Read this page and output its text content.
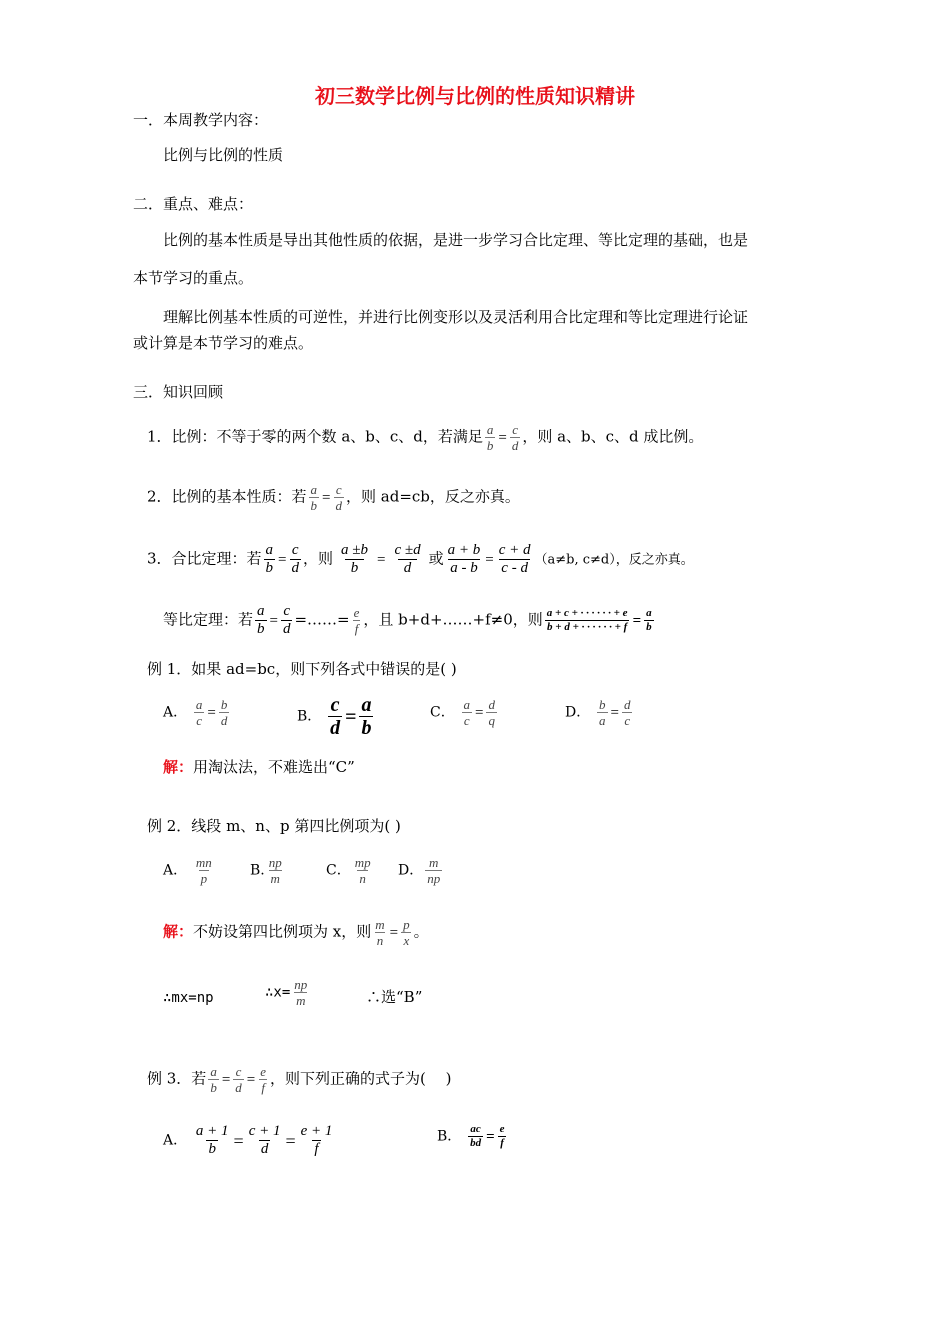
初三数学比例与比例的性质知识精讲
一．本周教学内容：
比例与比例的性质
二．重点、难点：
比例的基本性质是导出其他性质的依据，是进一步学习合比定理、等比定理的基础，也是
本节学习的重点。
理解比例基本性质的可逆性，并进行比例变形以及灵活利用合比定理和等比定理进行论证
或计算是本节学习的难点。
三．知识回顾
1．比例：不等于零的两个数 a、b、c、d，若满足 $\frac{a}{b} = \frac{c}{d}$ ，则 a、b、c、d 成比例。
2．比例的基本性质：若 $\frac{a}{b} = \frac{c}{d}$ ，则 ad=cb，反之亦真。
3．合比定理：若 $\frac{a}{b} = \frac{c}{d}$ ，则 $\frac{a \pm b}{b} = \frac{c \pm d}{d}$ 或 $\frac{a + b}{a - b} = \frac{c + d}{c - d} (a\ne b$, c≠d），反之亦真。
等比定理：若 $\frac{a}{b} = \frac{c}{d}$ =……= $\frac{e}{f}$ ，且 b+d+……+f≠0，则 $\frac{a + c + \cdot \cdot \cdot \cdot \cdot \cdot + e}{b + d + \cdot \cdot \cdot \cdot \cdot \cdot + f} = \frac{a}{b}$
例 1．如果 ad=bc，则下列各式中错误的是( )
A． $\frac{a}{c} = \frac{b}{d}$	B． $\frac{c}{d} = \frac{a}{b}$	C． $\frac{a}{c} = \frac{d}{q}$	D． $\frac{b}{a} = \frac{d}{c}$
解：用淘汰法，不难选出“C”
例 2．线段 m、n、p 第四比例项为( )
A． $\frac{mn}{p}$	B. $\frac{np}{m}$	C． $\frac{mp}{n}$ D． $\frac{m}{np}$
解：不妨设第四比例项为 x，则 $\frac{m}{n} = \frac{p}{x}$ 。
∴mx=np	∴x= $\frac{np}{m}$	∴选“B”
例 3．若 $\frac{a}{b} = \frac{c}{d} = \frac{e}{f}$ ，则下列正确的式子为(　 )
A． $\frac{a + 1}{b} = \frac{c + 1}{d} = \frac{e + 1}{f}$	B． $\frac{ac}{bd} = \frac{e}{f}$
